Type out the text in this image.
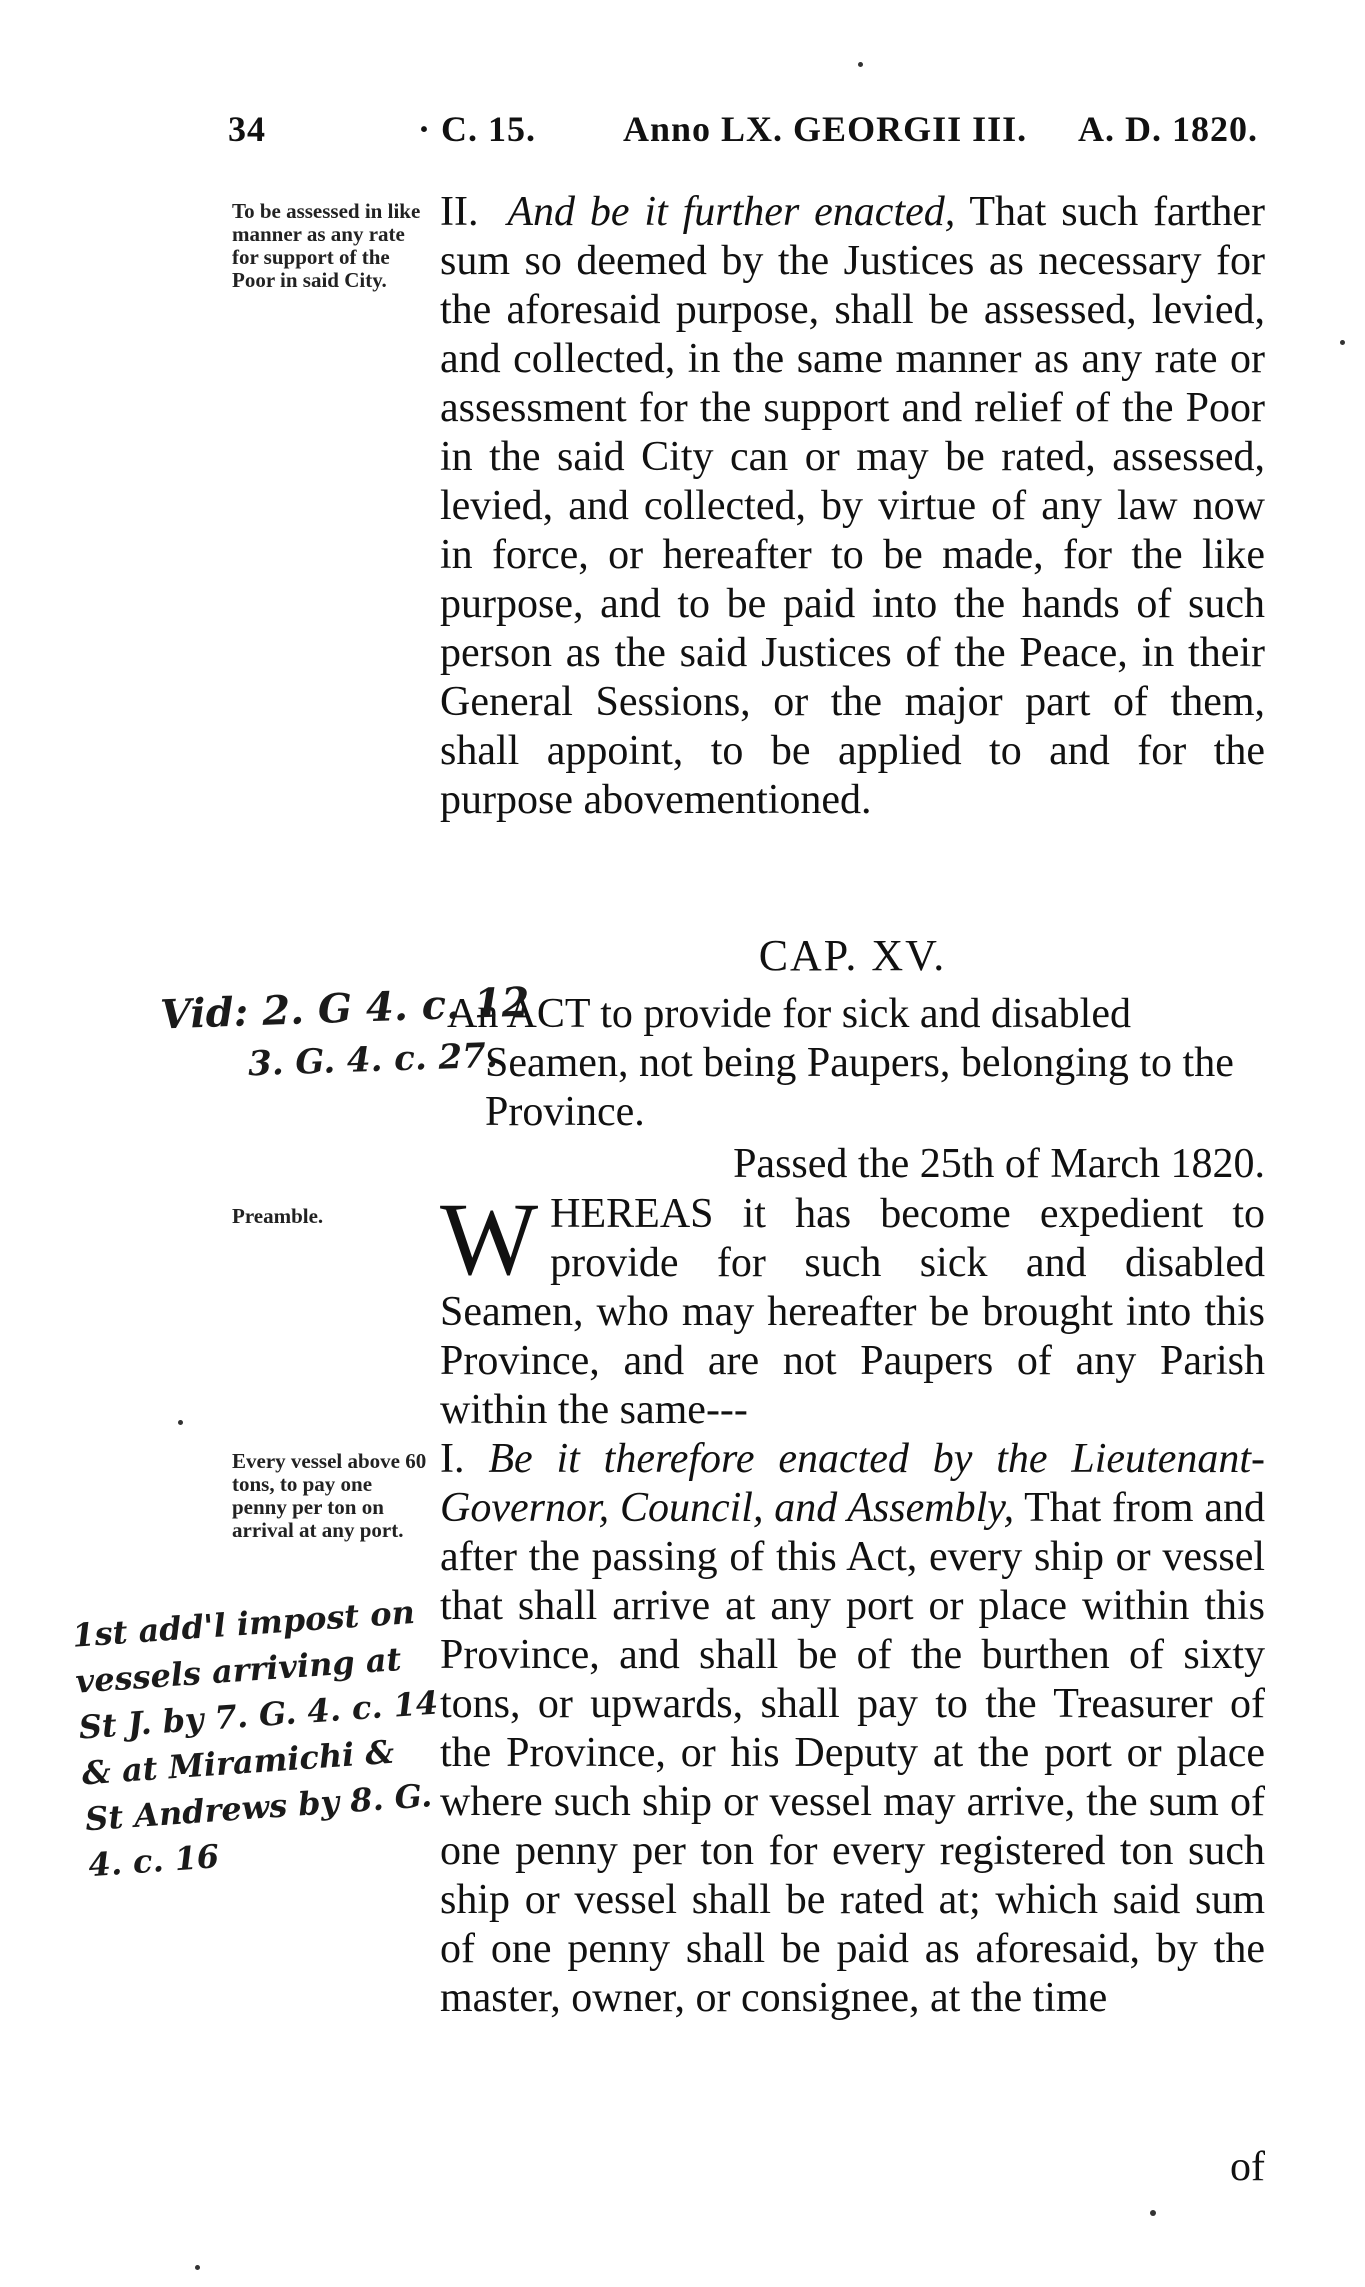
34	· C. 15. Anno LX. GEORGII III. A. D. 1820.
To be assessed in like manner as any rate for support of the Poor in said City.

II. And be it further enacted, That such farther sum so deemed by the Justices as necessary for the aforesaid purpose, shall be assessed, levied, and collected, in the same manner as any rate or assessment for the support and relief of the Poor in the said City can or may be rated, assessed, levied, and collected, by virtue of any law now in force, or hereafter to be made, for the like purpose, and to be paid into the hands of such person as the said Justices of the Peace, in their General Sessions, or the major part of them, shall appoint, to be applied to and for the purpose abovementioned.

CAP. XV.
An ACT to provide for sick and disabled Seamen, not being Paupers, belonging to the Province.
Passed the 25th of March 1820.
Preamble.	W HEREAS it has become expedient to provide for such sick and disabled Seamen, who may hereafter be brought into this Province, and are not Paupers of any Parish within the same---

Every vessel above 60 tons, to pay one penny per ton on arrival at any port.

I. Be it therefore enacted by the Lieutenant-Governor, Council, and Assembly, That from and after the passing of this Act, every ship or vessel that shall arrive at any port or place within this Province, and shall be of the burthen of sixty tons, or upwards, shall pay to the Treasurer of the Province, or his Deputy at the port or place where such ship or vessel may arrive, the sum of one penny per ton for every registered ton such ship or vessel shall be rated at; which said sum of one penny shall be paid as aforesaid, by the master, owner, or consignee, at the time

of
Vid: 2. G 4. c. 12
3. G. 4. c. 27.
1st add'l impost on vessels arriving at St J. by 7. G. 4. c. 14 & at Miramichi & St Andrews by 8. G. 4. c. 16
